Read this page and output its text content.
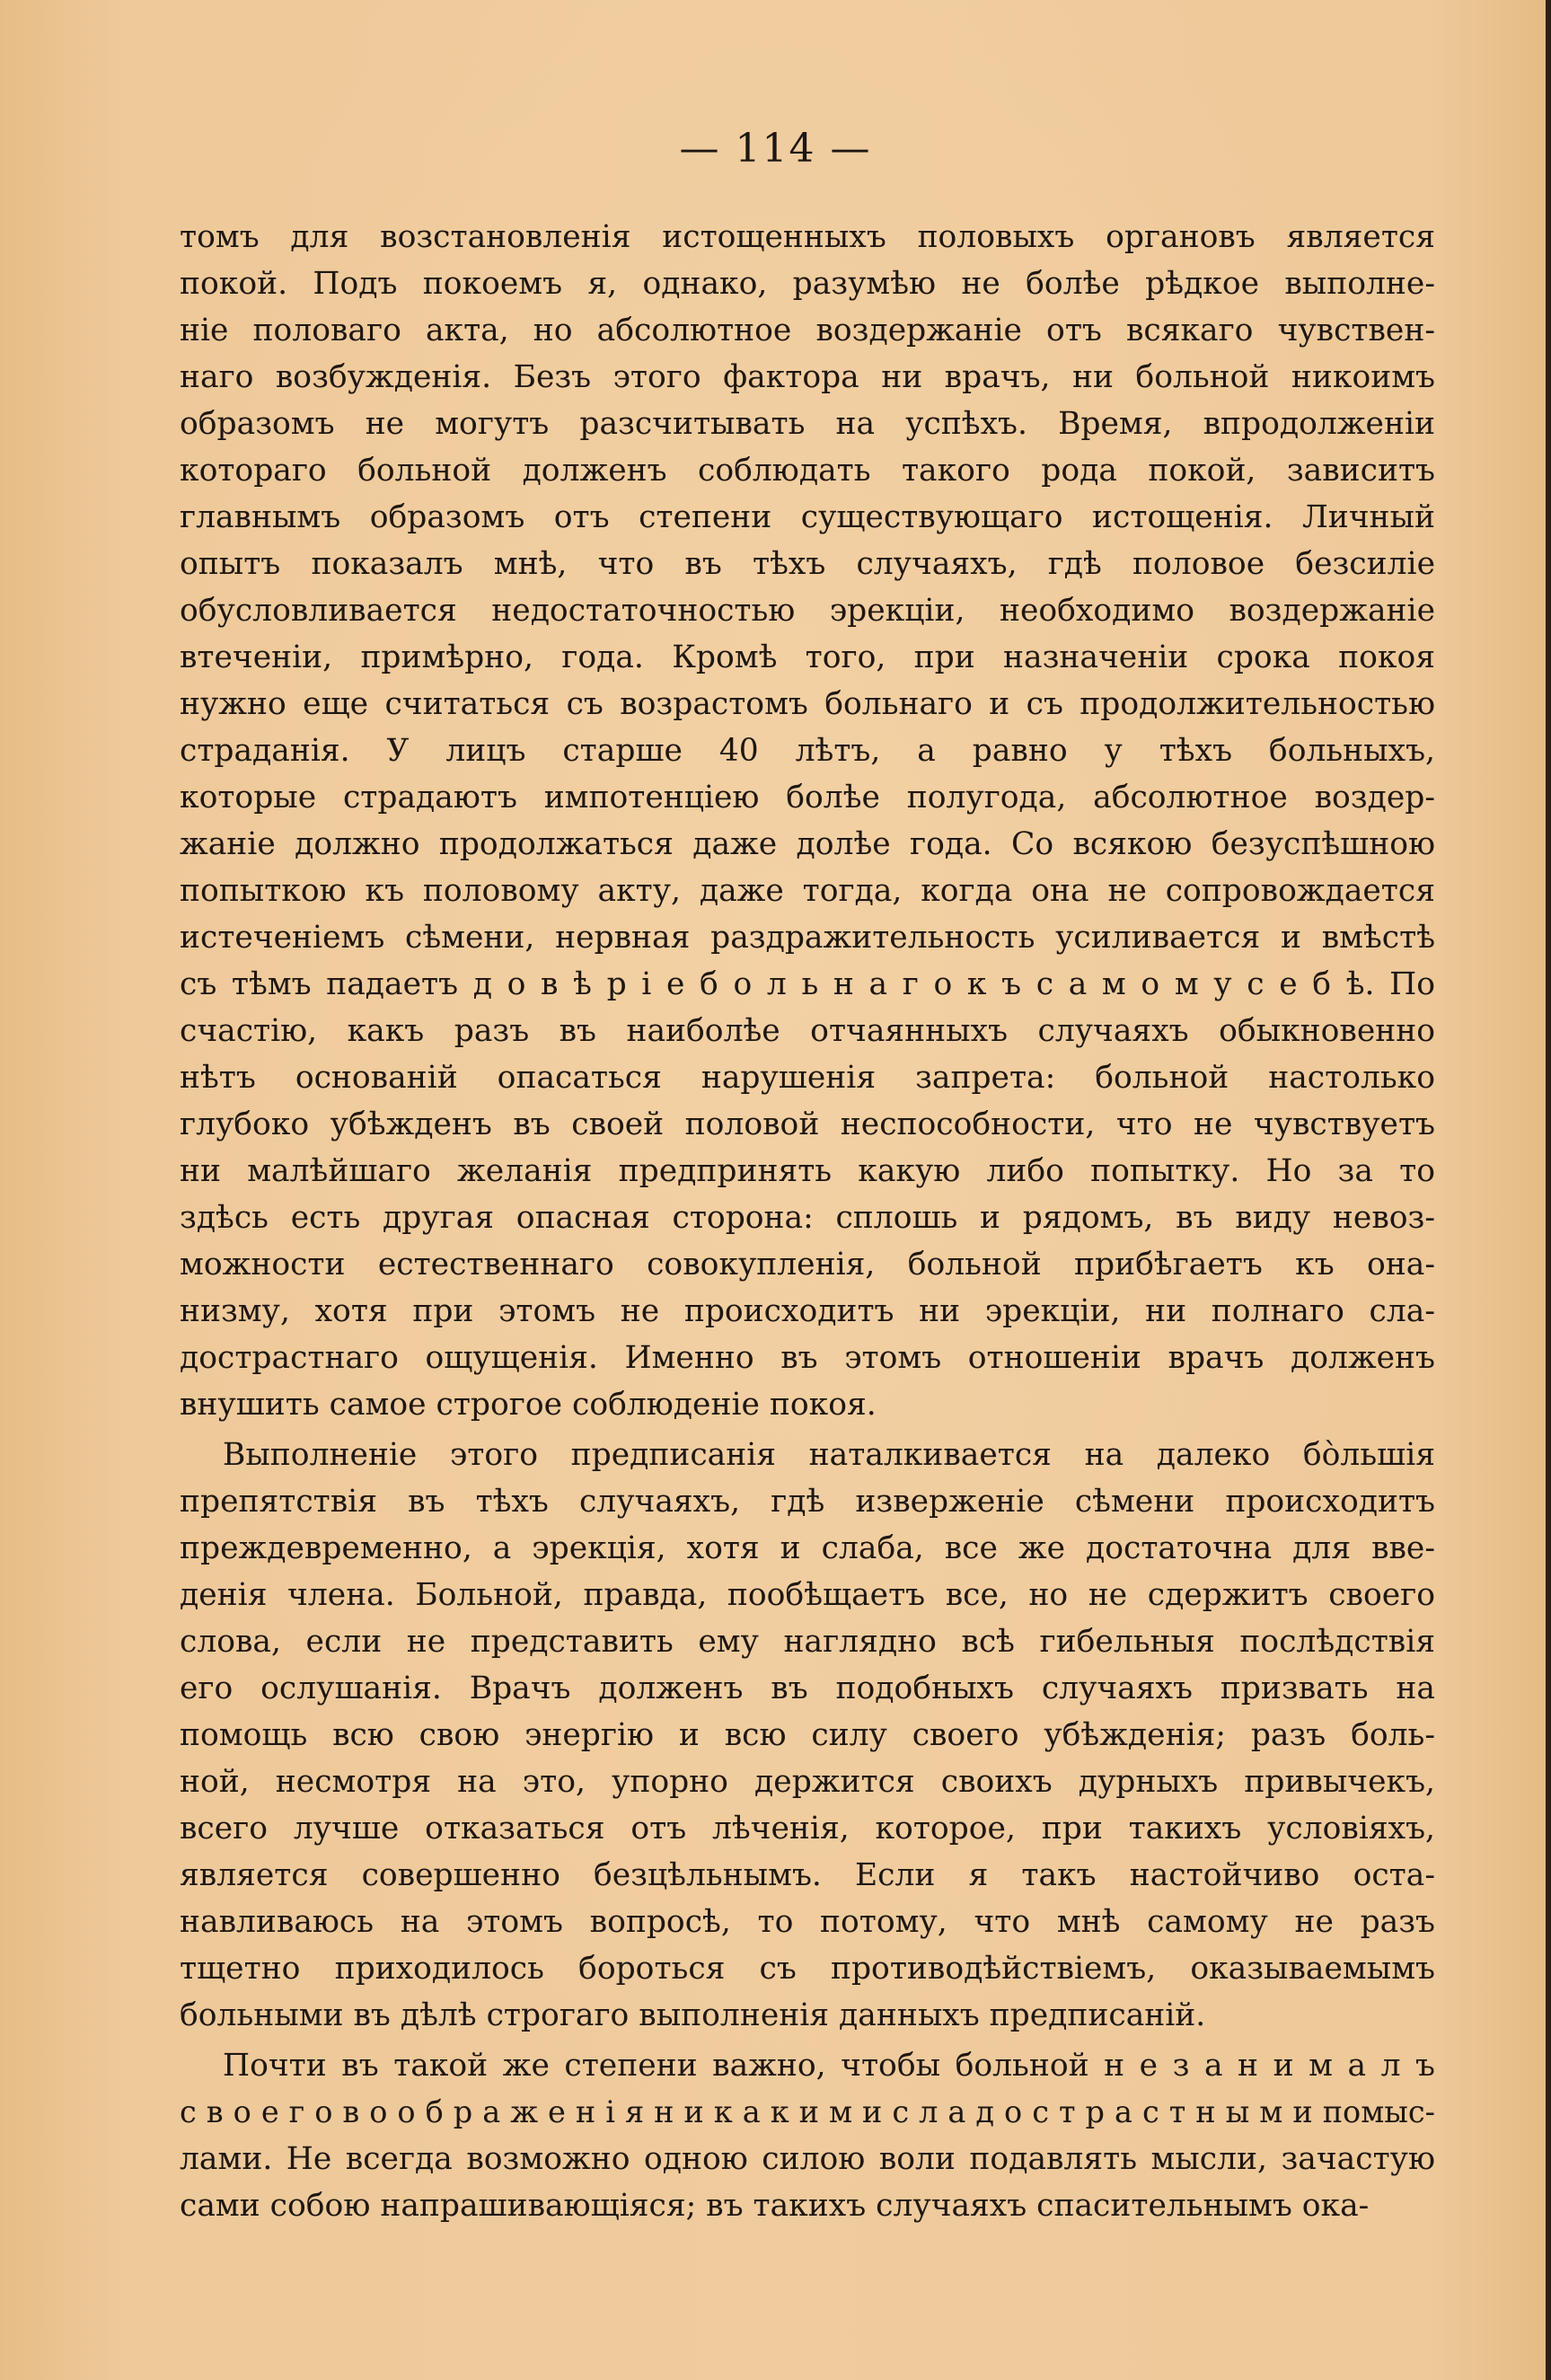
— 114 —
томъ для возстановленія истощенныхъ половыхъ органовъ является
покой. Подъ покоемъ я, однако, разумѣю не болѣе рѣдкое выполне-
ніе половаго акта, но абсолютное воздержаніе отъ всякаго чувствен-
наго возбужденія. Безъ этого фактора ни врачъ, ни больной никоимъ
образомъ не могутъ разсчитывать на успѣхъ. Время, впродолженіи
котораго больной долженъ соблюдать такого рода покой, зависитъ
главнымъ образомъ отъ степени существующаго истощенія. Личный
опытъ показалъ мнѣ, что въ тѣхъ случаяхъ, гдѣ половое безсиліе
обусловливается недостаточностью эрекціи, необходимо воздержаніе
втеченіи, примѣрно, года. Кромѣ того, при назначеніи срока покоя
нужно еще считаться съ возрастомъ больнаго и съ продолжительностью
страданія. У лицъ старше 40 лѣтъ, а равно у тѣхъ больныхъ,
которые страдаютъ импотенціею болѣе полугода, абсолютное воздер-
жаніе должно продолжаться даже долѣе года. Со всякою безуспѣшною
попыткою къ половому акту, даже тогда, когда она не сопровождается
истеченіемъ сѣмени, нервная раздражительность усиливается и вмѣстѣ
съ тѣмъ падаетъ д о в ѣ р і е б о л ь н а г о к ъ с а м о м у с е б ѣ. По
счастію, какъ разъ въ наиболѣе отчаянныхъ случаяхъ обыкновенно
нѣтъ основаній опасаться нарушенія запрета: больной настолько
глубоко убѣжденъ въ своей половой неспособности, что не чувствуетъ
ни малѣйшаго желанія предпринять какую либо попытку. Но за то
здѣсь есть другая опасная сторона: сплошь и рядомъ, въ виду невоз-
можности естественнаго совокупленія, больной прибѣгаетъ къ она-
низму, хотя при этомъ не происходитъ ни эрекціи, ни полнаго сла-
дострастнаго ощущенія. Именно въ этомъ отношеніи врачъ долженъ
внушить самое строгое соблюденіе покоя.
Выполненіе этого предписанія наталкивается на далеко бо̀льшія
препятствія въ тѣхъ случаяхъ, гдѣ изверженіе сѣмени происходитъ
преждевременно, а эрекція, хотя и слаба, все же достаточна для вве-
денія члена. Больной, правда, пообѣщаетъ все, но не сдержитъ своего
слова, если не представить ему наглядно всѣ гибельныя послѣдствія
его ослушанія. Врачъ долженъ въ подобныхъ случаяхъ призвать на
помощь всю свою энергію и всю силу своего убѣжденія; разъ боль-
ной, несмотря на это, упорно держится своихъ дурныхъ привычекъ,
всего лучше отказаться отъ лѣченія, которое, при такихъ условіяхъ,
является совершенно безцѣльнымъ. Если я такъ настойчиво оста-
навливаюсь на этомъ вопросѣ, то потому, что мнѣ самому не разъ
тщетно приходилось бороться съ противодѣйствіемъ, оказываемымъ
больными въ дѣлѣ строгаго выполненія данныхъ предписаній.
Почти въ такой же степени важно, чтобы больной н е з а н и м а л ъ
с в о е г о в о о б р а ж е н і я н и к а к и м и с л а д о с т р а с т н ы м и помыс-
лами. Не всегда возможно одною силою воли подавлять мысли, зачастую
сами собою напрашивающіяся; въ такихъ случаяхъ спасительнымъ ока-
